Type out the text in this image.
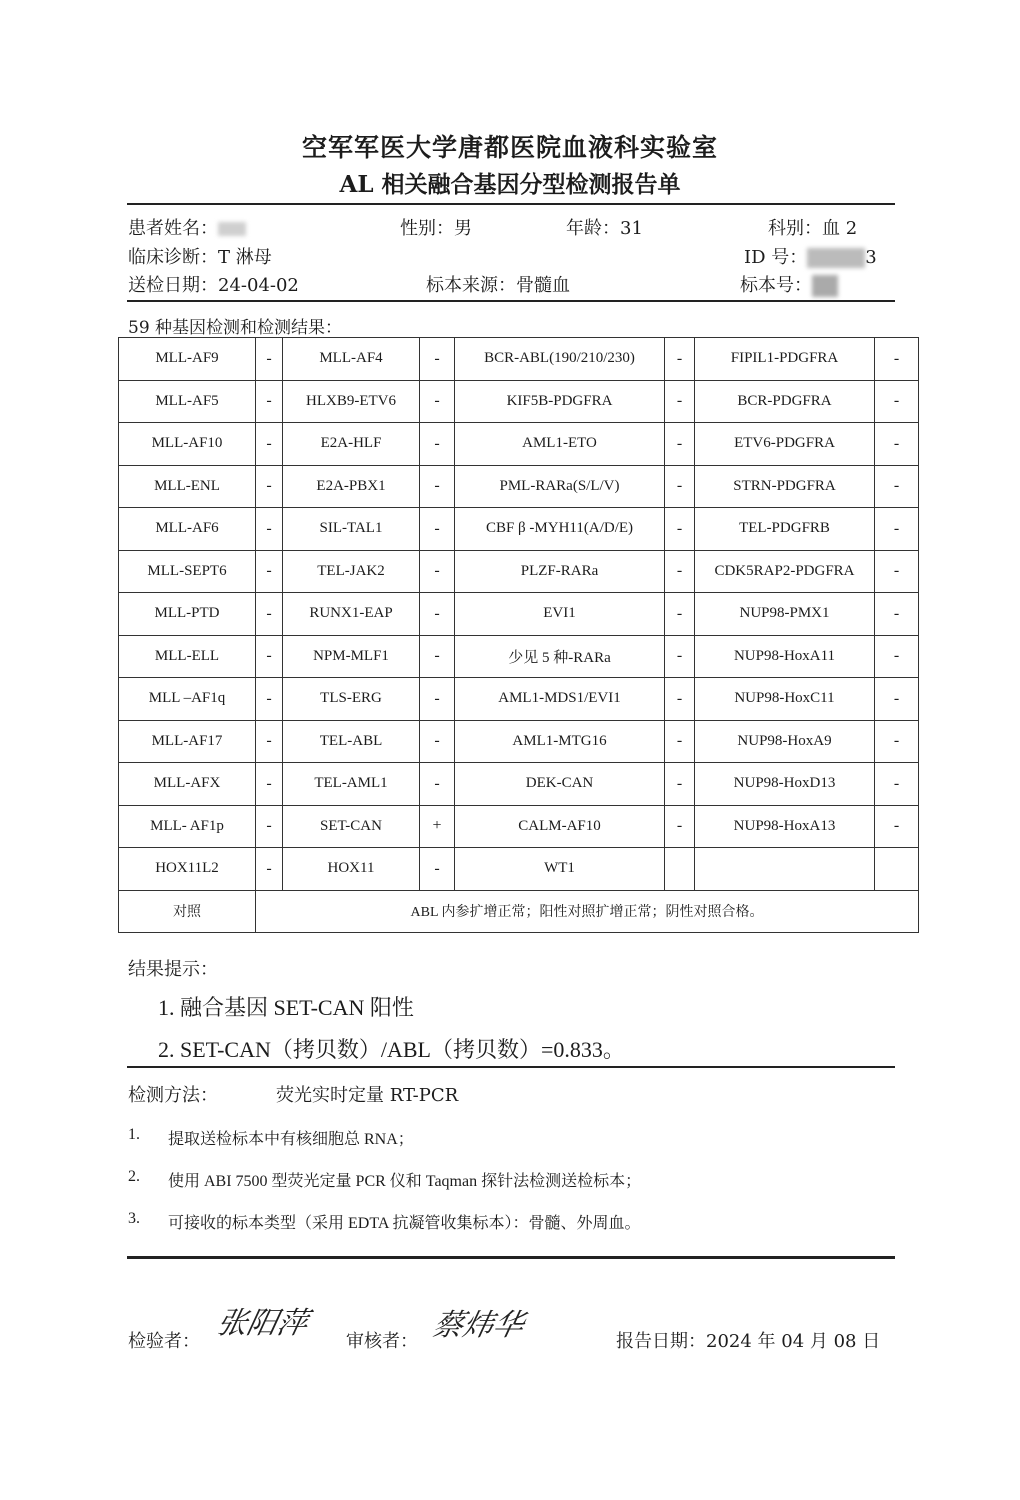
空军军医大学唐都医院血液科实验室
AL 相关融合基因分型检测报告单
患者姓名：	性别：男	年龄：31	科别：血 2
临床诊断：T 淋母	ID 号：	3
送检日期：24-04-02	标本来源：骨髓血	标本号：
59 种基因检测和检测结果：
MLL-AF9	-	MLL-AF4	-	BCR-ABL(190/210/230)	-	FIPIL1-PDGFRA	-
MLL-AF5	-	HLXB9-ETV6	-	KIF5B-PDGFRA	-	BCR-PDGFRA	-
MLL-AF10	-	E2A-HLF	-	AML1-ETO	-	ETV6-PDGFRA	-
MLL-ENL	-	E2A-PBX1	-	PML-RARa(S/L/V)	-	STRN-PDGFRA	-
MLL-AF6	-	SIL-TAL1	-	CBF β -MYH11(A/D/E)	-	TEL-PDGFRB	-
MLL-SEPT6	-	TEL-JAK2	-	PLZF-RARa	-	CDK5RAP2-PDGFRA	-
MLL-PTD	-	RUNX1-EAP	-	EVI1	-	NUP98-PMX1	-
MLL-ELL	-	NPM-MLF1	-	少见 5 种-RARa	-	NUP98-HoxA11	-
MLL –AF1q	-	TLS-ERG	-	AML1-MDS1/EVI1	-	NUP98-HoxC11	-
MLL-AF17	-	TEL-ABL	-	AML1-MTG16	-	NUP98-HoxA9	-
MLL-AFX	-	TEL-AML1	-	DEK-CAN	-	NUP98-HoxD13	-
MLL- AF1p	-	SET-CAN	+	CALM-AF10	-	NUP98-HoxA13	-
HOX11L2	-	HOX11	-	WT1			
对照	ABL 内参扩增正常；阳性对照扩增正常；阴性对照合格。						
结果提示：
1. 融合基因 SET-CAN 阳性
2. SET-CAN（拷贝数）/ABL（拷贝数）=0.833。
检测方法：	荧光实时定量 RT-PCR
1. 提取送检标本中有核细胞总 RNA；
2. 使用 ABI 7500 型荧光定量 PCR 仪和 Taqman 探针法检测送检标本；
3. 可接收的标本类型（采用 EDTA 抗凝管收集标本）：骨髓、外周血。
检验者：
张阳萍
审核者： 蔡炜华	报告日期：2024 年 04 月 08 日
